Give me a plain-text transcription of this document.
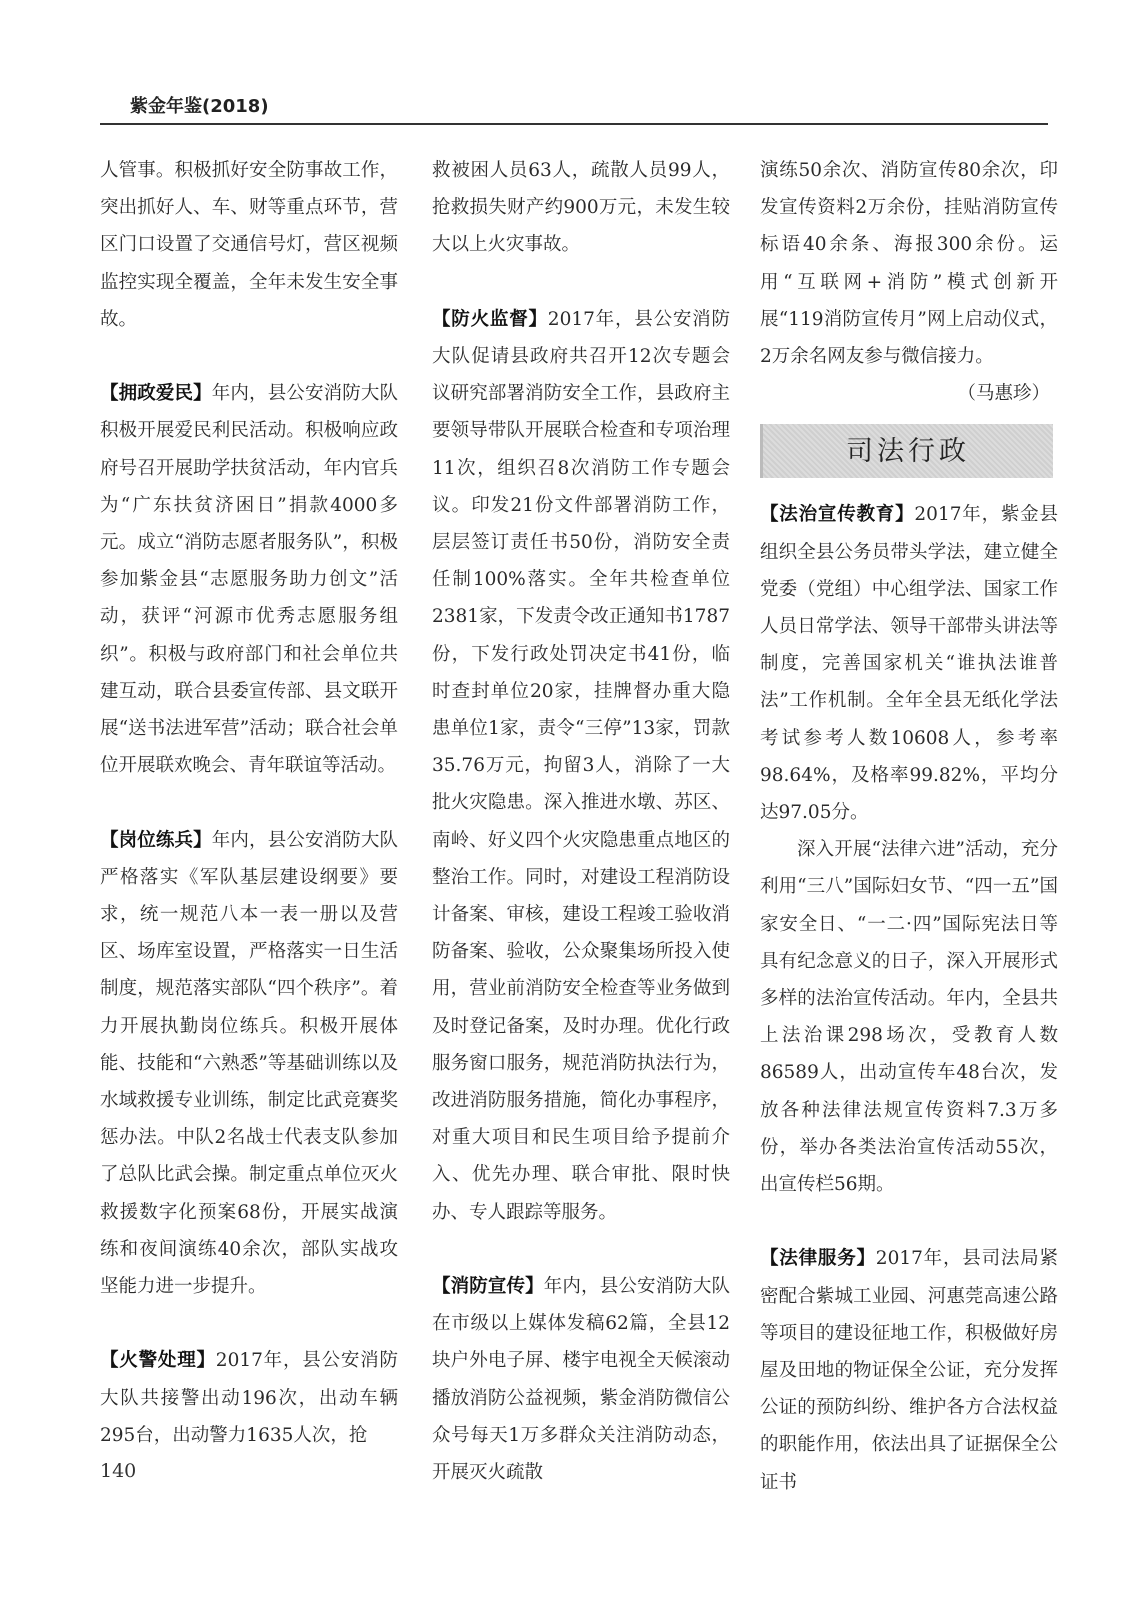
紫金年鉴(2018)

人管事。积极抓好安全防事故工作，突出抓好人、车、财等重点环节，营区门口设置了交通信号灯，营区视频监控实现全覆盖，全年未发生安全事故。

【拥政爱民】年内，县公安消防大队积极开展爱民利民活动。积极响应政府号召开展助学扶贫活动，年内官兵为“广东扶贫济困日”捐款4000多元。成立“消防志愿者服务队”，积极参加紫金县“志愿服务助力创文”活动，获评“河源市优秀志愿服务组织”。积极与政府部门和社会单位共建互动，联合县委宣传部、县文联开展“送书法进军营”活动；联合社会单位开展联欢晚会、青年联谊等活动。

【岗位练兵】年内，县公安消防大队严格落实《军队基层建设纲要》要求，统一规范八本一表一册以及营区、场库室设置，严格落实一日生活制度，规范落实部队“四个秩序”。着力开展执勤岗位练兵。积极开展体能、技能和“六熟悉”等基础训练以及水域救援专业训练，制定比武竞赛奖惩办法。中队2名战士代表支队参加了总队比武会操。制定重点单位灭火救援数字化预案68份，开展实战演练和夜间演练40余次，部队实战攻坚能力进一步提升。

【火警处理】2017年，县公安消防大队共接警出动196次，出动车辆295台，出动警力1635人次，抢

救被困人员63人，疏散人员99人，抢救损失财产约900万元，未发生较大以上火灾事故。

【防火监督】2017年，县公安消防大队促请县政府共召开12次专题会议研究部署消防安全工作，县政府主要领导带队开展联合检查和专项治理11次，组织召8次消防工作专题会议。印发21份文件部署消防工作，层层签订责任书50份，消防安全责任制100%落实。全年共检查单位2381家，下发责令改正通知书1787份，下发行政处罚决定书41份，临时查封单位20家，挂牌督办重大隐患单位1家，责令“三停”13家，罚款35.76万元，拘留3人，消除了一大批火灾隐患。深入推进水墩、苏区、南岭、好义四个火灾隐患重点地区的整治工作。同时，对建设工程消防设计备案、审核，建设工程竣工验收消防备案、验收，公众聚集场所投入使用，营业前消防安全检查等业务做到及时登记备案，及时办理。优化行政服务窗口服务，规范消防执法行为，改进消防服务措施，简化办事程序，对重大项目和民生项目给予提前介入、优先办理、联合审批、限时快办、专人跟踪等服务。

【消防宣传】年内，县公安消防大队在市级以上媒体发稿62篇，全县12块户外电子屏、楼宇电视全天候滚动播放消防公益视频，紫金消防微信公众号每天1万多群众关注消防动态，开展灭火疏散

演练50余次、消防宣传80余次，印发宣传资料2万余份，挂贴消防宣传标语40余条、海报300余份。运用“互联网+消防”模式创新开展“119消防宣传月”网上启动仪式，2万余名网友参与微信接力。

（马惠珍）

司法行政

【法治宣传教育】2017年，紫金县组织全县公务员带头学法，建立健全党委（党组）中心组学法、国家工作人员日常学法、领导干部带头讲法等制度，完善国家机关“谁执法谁普法”工作机制。全年全县无纸化学法考试参考人数10608人，参考率98.64%，及格率99.82%，平均分达97.05分。

深入开展“法律六进”活动，充分利用“三八”国际妇女节、“四一五”国家安全日、“一二·四”国际宪法日等具有纪念意义的日子，深入开展形式多样的法治宣传活动。年内，全县共上法治课298场次，受教育人数86589人，出动宣传车48台次，发放各种法律法规宣传资料7.3万多份，举办各类法治宣传活动55次，出宣传栏56期。

【法律服务】2017年，县司法局紧密配合紫城工业园、河惠莞高速公路等项目的建设征地工作，积极做好房屋及田地的物证保全公证，充分发挥公证的预防纠纷、维护各方合法权益的职能作用，依法出具了证据保全公证书

140
